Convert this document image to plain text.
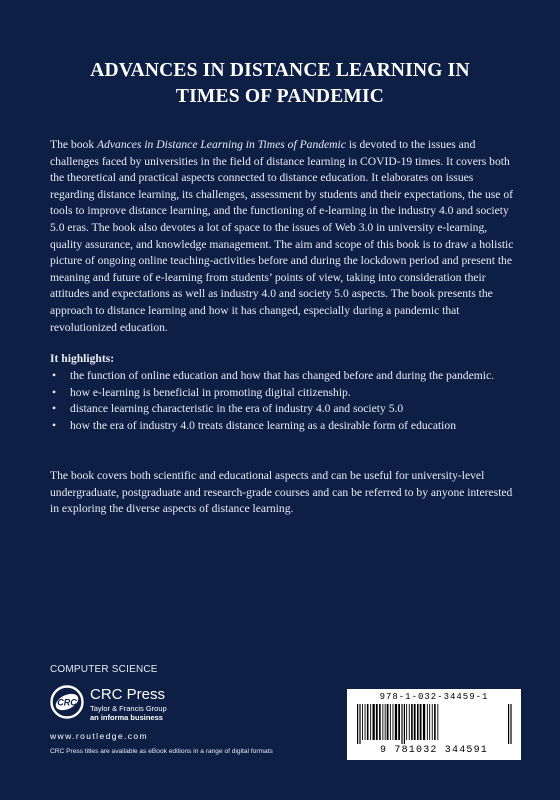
ADVANCES IN DISTANCE LEARNING IN
TIMES OF PANDEMIC
The book Advances in Distance Learning in Times of Pandemic is devoted to the issues and challenges faced by universities in the field of distance learning in COVID-19 times. It covers both the theoretical and practical aspects connected to distance education. It elaborates on issues regarding distance learning, its challenges, assessment by students and their expectations, the use of tools to improve distance learning, and the functioning of e-learning in the industry 4.0 and society 5.0 eras. The book also devotes a lot of space to the issues of Web 3.0 in university e-learning, quality assurance, and knowledge management. The aim and scope of this book is to draw a holistic picture of ongoing online teaching-activities before and during the lockdown period and present the meaning and future of e-learning from students’ points of view, taking into consideration their attitudes and expectations as well as industry 4.0 and society 5.0 aspects. The book presents the approach to distance learning and how it has changed, especially during a pandemic that revolutionized education.
It highlights:
• the function of online education and how that has changed before and during the pandemic.
• how e-learning is beneficial in promoting digital citizenship.
• distance learning characteristic in the era of industry 4.0 and society 5.0
• how the era of industry 4.0 treats distance learning as a desirable form of education
The book covers both scientific and educational aspects and can be useful for university-level undergraduate, postgraduate and research-grade courses and can be referred to by anyone interested in exploring the diverse aspects of distance learning.
COMPUTER SCIENCE
CRC CRC Press
Taylor & Francis Group
an informa business
www.routledge.com
CRC Press titles are available as eBook editions in a range of digital formats
978-1-032-34459-1
9 781032 344591
